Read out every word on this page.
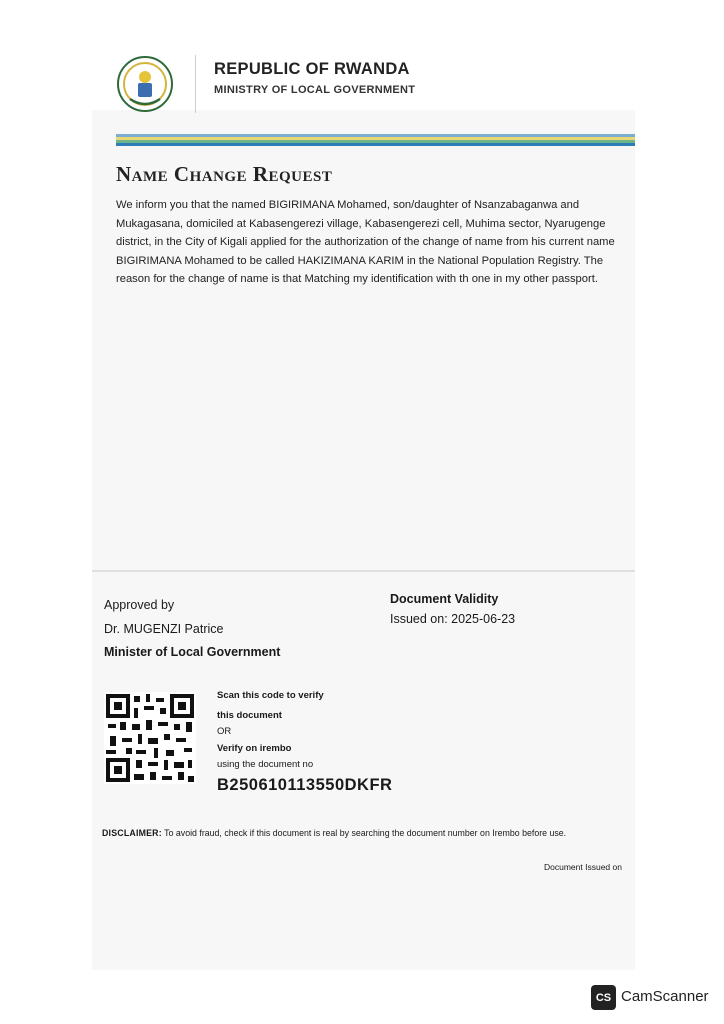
REPUBLIC OF RWANDA
MINISTRY OF LOCAL GOVERNMENT
Name Change Request
We inform you that the named BIGIRIMANA Mohamed, son/daughter of Nsanzabaganwa and Mukagasana, domiciled at Kabasengerezi village, Kabasengerezi cell, Muhima sector, Nyarugenge district, in the City of Kigali applied for the authorization of the change of name from his current name BIGIRIMANA Mohamed to be called HAKIZIMANA KARIM in the National Population Registry. The reason for the change of name is that Matching my identification with th one in my other passport.
Approved by
Dr. MUGENZI Patrice
Minister of Local Government
Document Validity
Issued on: 2025-06-23
Scan this code to verify
this document
OR
Verify on irembo
using the document no
B250610113550DKFR
DISCLAIMER: To avoid fraud, check if this document is real by searching the document number on Irembo before use.
Document Issued on
CS CamScanner
